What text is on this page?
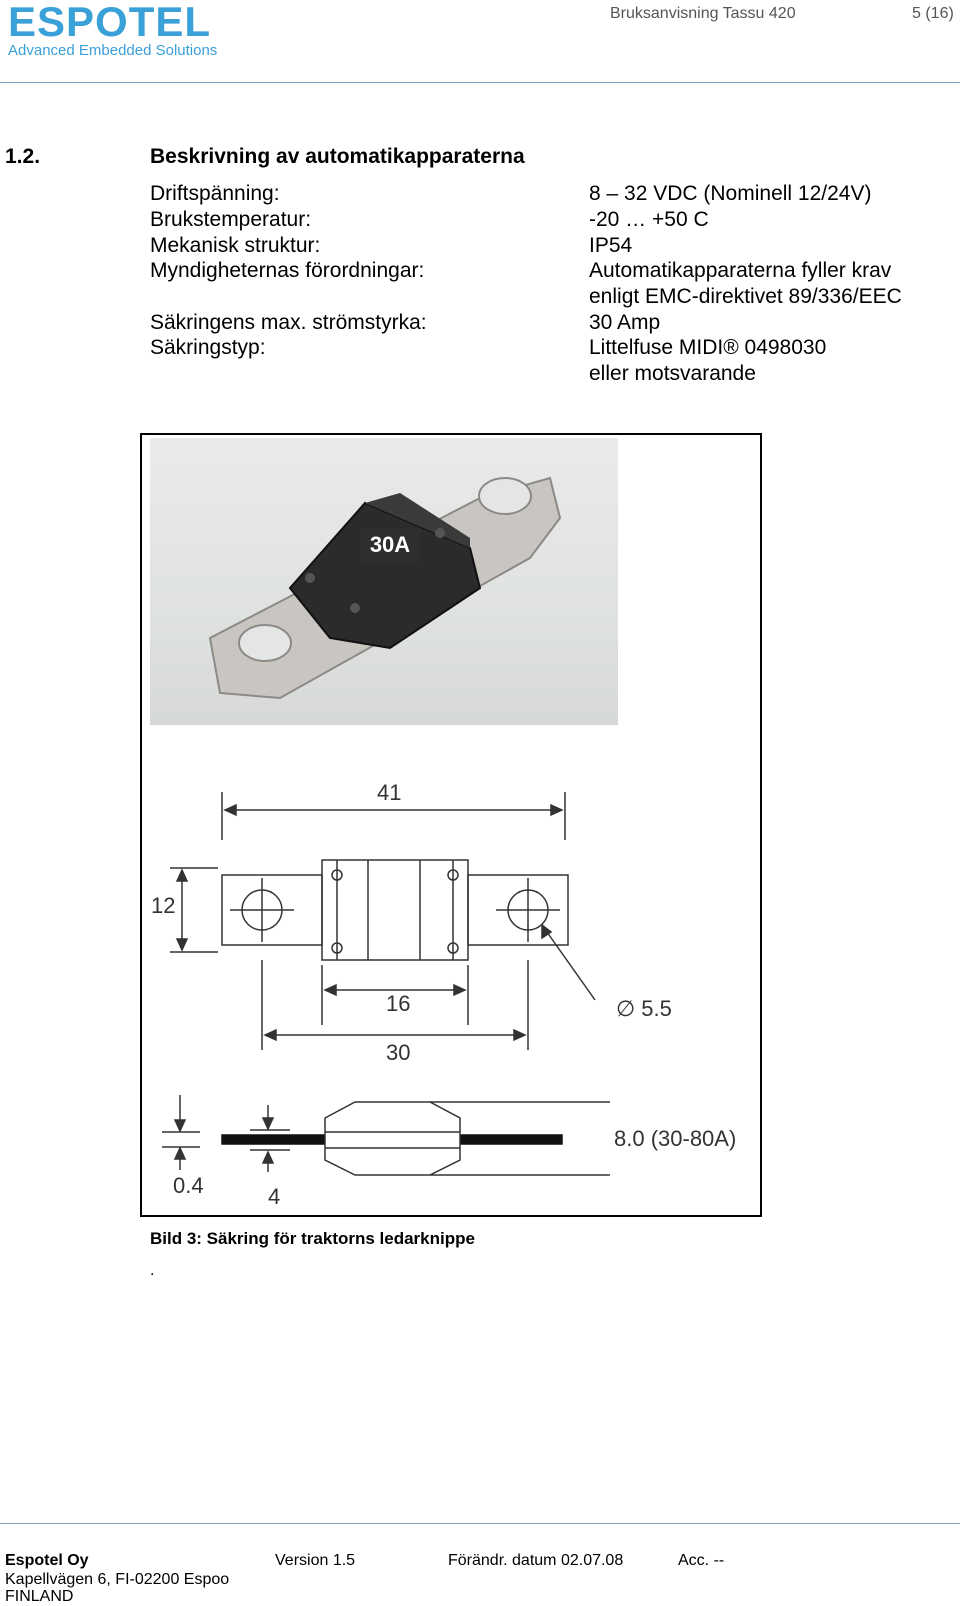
ESPOTEL
Advanced Embedded Solutions
Bruksanvisning Tassu 420	5 (16)
1.2.	Beskrivning av automatikapparaterna
Driftspänning:	8 – 32 VDC (Nominell 12/24V)
Brukstemperatur:	-20 … +50 C
Mekanisk struktur:	IP54
Myndigheternas förordningar:	Automatikapparaterna fyller krav
enligt EMC-direktivet 89/336/EEC
Säkringens max. strömstyrka:	30 Amp
Säkringstyp:	Littelfuse MIDI® 0498030
eller motsvarande
30A
41
12
16
30
∅ 5.5
8.0 (30-80A)
0.4	4
Bild 3: Säkring för traktorns ledarknippe
.
Espotel Oy
Kapellvägen 6, FI-02200 Espoo
FINLAND
Version 1.5	Förändr. datum 02.07.08	Acc. --
